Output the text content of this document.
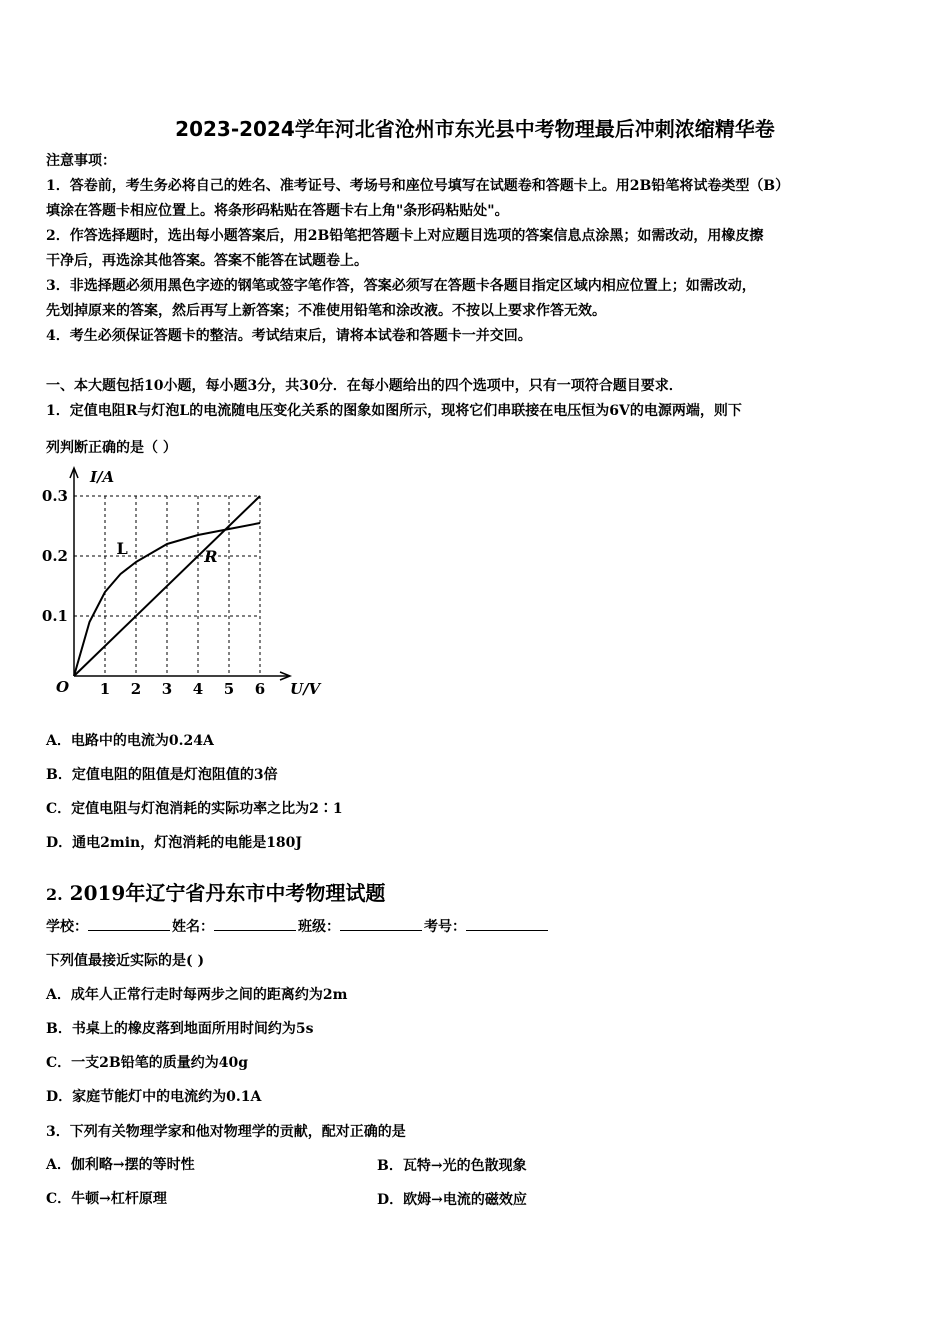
2023-2024学年河北省沧州市东光县中考物理最后冲刺浓缩精华卷
注意事项：
1．答卷前，考生务必将自己的姓名、准考证号、考场号和座位号填写在试题卷和答题卡上。用2B铅笔将试卷类型（B）
填涂在答题卡相应位置上。将条形码粘贴在答题卡右上角"条形码粘贴处"。
2．作答选择题时，选出每小题答案后，用2B铅笔把答题卡上对应题目选项的答案信息点涂黑；如需改动，用橡皮擦
干净后，再选涂其他答案。答案不能答在试题卷上。
3．非选择题必须用黑色字迹的钢笔或签字笔作答，答案必须写在答题卡各题目指定区域内相应位置上；如需改动，
先划掉原来的答案，然后再写上新答案；不准使用铅笔和涂改液。不按以上要求作答无效。
4．考生必须保证答题卡的整洁。考试结束后，请将本试卷和答题卡一并交回。
一、本大题包括10小题，每小题3分，共30分．在每小题给出的四个选项中，只有一项符合题目要求．
1．定值电阻R与灯泡L的电流随电压变化关系的图象如图所示，现将它们串联接在电压恒为6V的电源两端，则下
列判断正确的是（ ）
1 2 3 4 5 6
0.1
0.2
0.3
L	R
I/A
U/V
O
A．电路中的电流为0.24A
B．定值电阻的阻值是灯泡阻值的3倍
C．定值电阻与灯泡消耗的实际功率之比为2∶1
D．通电2min，灯泡消耗的电能是180J
2. 2019年辽宁省丹东市中考物理试题
学校：	姓名：	班级：	考号：
下列值最接近实际的是( )
A．成年人正常行走时每两步之间的距离约为2m
B．书桌上的橡皮落到地面所用时间约为5s
C．一支2B铅笔的质量约为40g
D．家庭节能灯中的电流约为0.1A
3．下列有关物理学家和他对物理学的贡献，配对正确的是
A．伽利略→摆的等时性	B．瓦特→光的色散现象
C．牛顿→杠杆原理	D．欧姆→电流的磁效应
